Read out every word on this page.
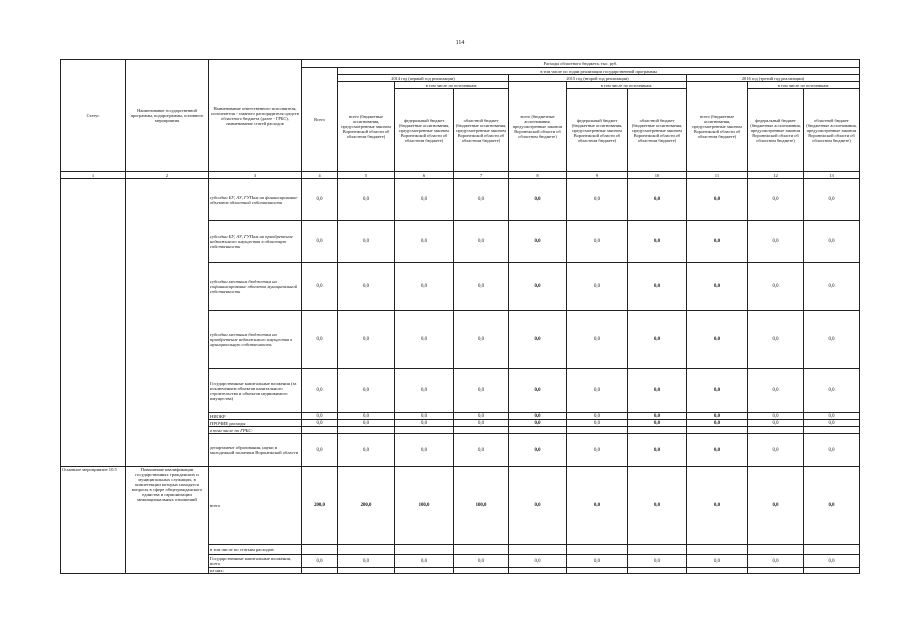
114
Статус	Наименование государственной программы, подпрограммы, основного мероприятия	Наименование ответственного исполнителя, исполнителя - главного распорядителя средств областного бюджета (далее - ГРБС), наименование статей расходов	Расходы областного бюджета, тыс. руб.									
			Всего	в том числе по годам реализации государственной программы								
				2014 год (первый год реализации)			2015 год (второй год реализации)			2016 год (третий год реализации)		
				всего (бюджетные ассигнования, предусмотренные законом Воронежской области об областном бюджете)	в том числе по источникам:		всего (бюджетные ассигнования, предусмотренные законом Воронежской области об областном бюджете)	в том числе по источникам:		всего (бюджетные ассигнования, предусмотренные законом Воронежской области об областном бюджете)	в том числе по источникам:	
					федеральный бюджет (бюджетные ассигнования, предусмотренные законом Воронежской области об областном бюджете)	областной бюджет (бюджетные ассигнования, предусмотренные законом Воронежской области об областном бюджете)		федеральный бюджет (бюджетные ассигнования, предусмотренные законом Воронежской области об областном бюджете)	областной бюджет (бюджетные ассигнования, предусмотренные законом Воронежской области об областном бюджете)		федеральный бюджет (бюджетные ассигнования, предусмотренные законом Воронежской области об областном бюджете)	областной бюджет (бюджетные ассигнования, предусмотренные законом Воронежской области об областном бюджете)

1	2	3	4	5	6	7	8	9	10	11	12	13
		субсидии БУ, АУ, ГУПам на финансирование объектов областной собственности	0,0	0,0	0,0	0,0	0,0	0,0	0,0	0,0	0,0	0,0
		субсидии БУ, АУ, ГУПам на приобретение недвижимого имущества в областную собственность	0,0	0,0	0,0	0,0	0,0	0,0	0,0	0,0	0,0	0,0
		субсидии местным бюджетам на софинансирование объектов муниципальной собственности	0,0	0,0	0,0	0,0	0,0	0,0	0,0	0,0	0,0	0,0
		субсидии местным бюджетам на приобретение недвижимого имущества в муниципальную собственность	0,0	0,0	0,0	0,0	0,0	0,0	0,0	0,0	0,0	0,0
		Государственные капитальные вложения (за исключением объектов капитального строительства и объектов недвижимого имущества)	0,0	0,0	0,0	0,0	0,0	0,0	0,0	0,0	0,0	0,0
		НИОКР	0,0	0,0	0,0	0,0	0,0	0,0	0,0	0,0	0,0	0,0
		ПРОЧИЕ расходы	0,0	0,0	0,0	0,0	0,0	0,0	0,0	0,0	0,0	0,0
		в том числе по ГРБС:										
		департамент образования, науки и молодежной политики Воронежской области	0,0	0,0	0,0	0,0	0,0	0,0	0,0	0,0	0,0	0,0
Основное мероприятие 10.5	Повышение квалификации государственных гражданских и муниципальных служащих, в компетенции которых находятся вопросы в сфере общегражданского единства и гармонизации межнациональных отношений	всего	200,0	200,0	100,0	100,0	0,0	0,0	0,0	0,0	0,0	0,0
		в том числе по статьям расходов:										
		Государственные капитальные вложения, всего	0,0	0,0	0,0	0,0	0,0	0,0	0,0	0,0	0,0	0,0
		из них:										
